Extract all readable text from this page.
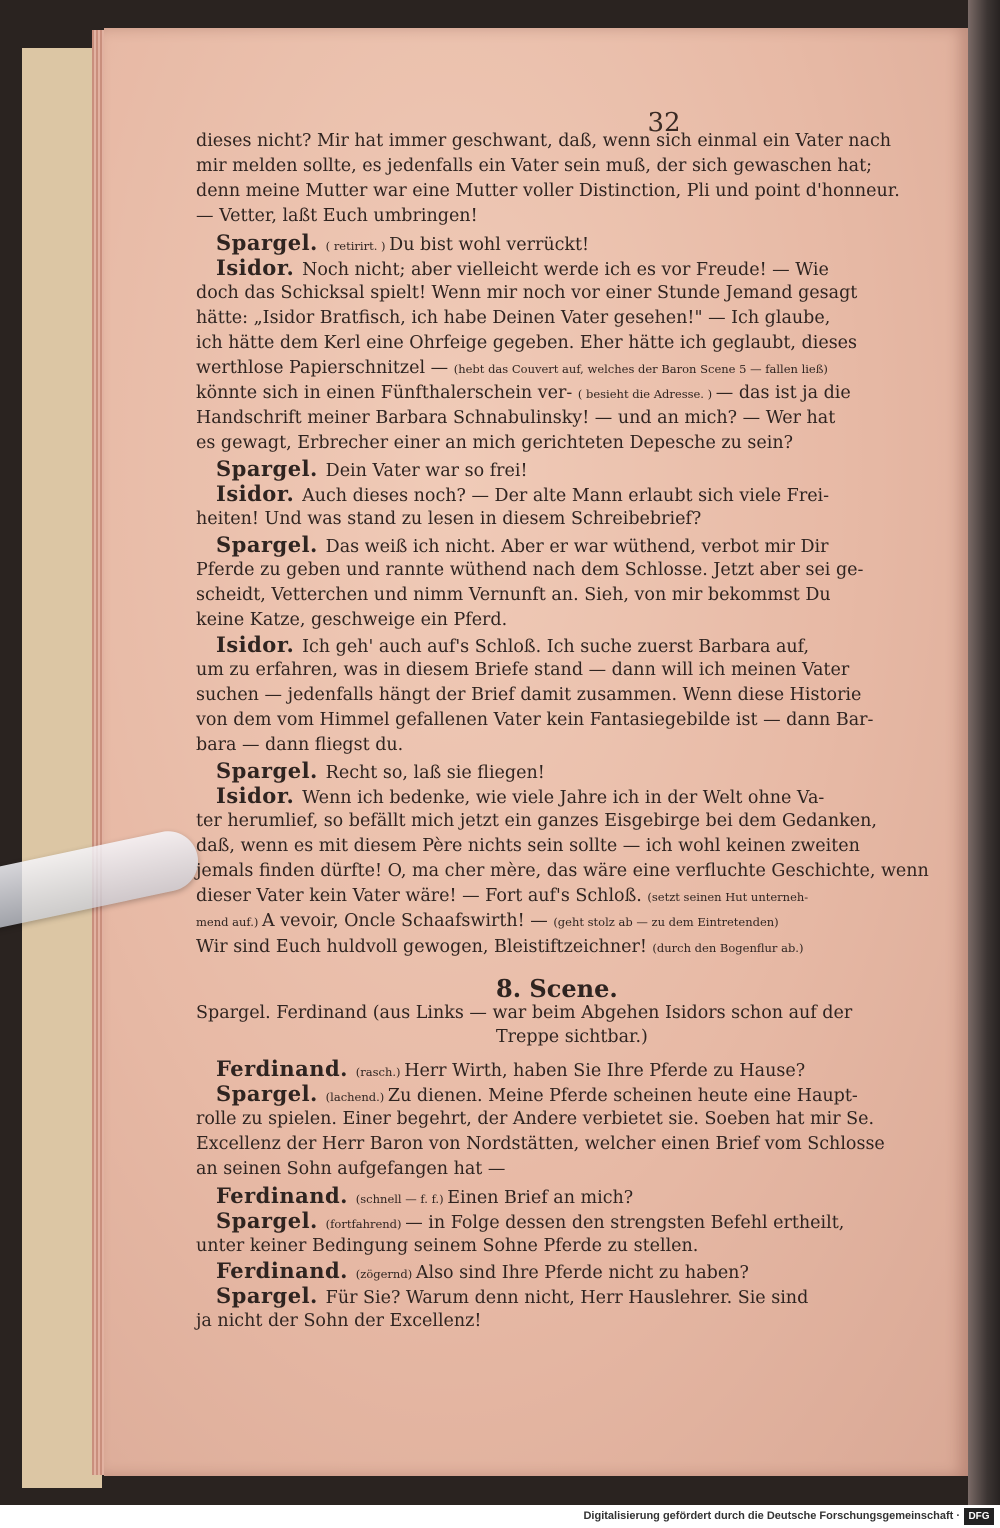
32
dieses nicht? Mir hat immer geschwant, daß, wenn sich einmal ein Vater nach
mir melden sollte, es jedenfalls ein Vater sein muß, der sich gewaschen hat;
denn meine Mutter war eine Mutter voller Distinction, Pli und point d'honneur.
— Vetter, laßt Euch umbringen!
Spargel. ( retirirt. ) Du bist wohl verrückt!
Isidor. Noch nicht; aber vielleicht werde ich es vor Freude! — Wie
doch das Schicksal spielt! Wenn mir noch vor einer Stunde Jemand gesagt
hätte: „Isidor Bratfisch, ich habe Deinen Vater gesehen!" — Ich glaube,
ich hätte dem Kerl eine Ohrfeige gegeben. Eher hätte ich geglaubt, dieses
werthlose Papierschnitzel — (hebt das Couvert auf, welches der Baron Scene 5 — fallen ließ)
könnte sich in einen Fünfthalerschein ver- ( besieht die Adresse. ) — das ist ja die
Handschrift meiner Barbara Schnabulinsky! — und an mich? — Wer hat
es gewagt, Erbrecher einer an mich gerichteten Depesche zu sein?
Spargel. Dein Vater war so frei!
Isidor. Auch dieses noch? — Der alte Mann erlaubt sich viele Frei-
heiten! Und was stand zu lesen in diesem Schreibebrief?
Spargel. Das weiß ich nicht. Aber er war wüthend, verbot mir Dir
Pferde zu geben und rannte wüthend nach dem Schlosse. Jetzt aber sei ge-
scheidt, Vetterchen und nimm Vernunft an. Sieh, von mir bekommst Du
keine Katze, geschweige ein Pferd.
Isidor. Ich geh' auch auf's Schloß. Ich suche zuerst Barbara auf,
um zu erfahren, was in diesem Briefe stand — dann will ich meinen Vater
suchen — jedenfalls hängt der Brief damit zusammen. Wenn diese Historie
von dem vom Himmel gefallenen Vater kein Fantasiegebilde ist — dann Bar-
bara — dann fliegst du.
Spargel. Recht so, laß sie fliegen!
Isidor. Wenn ich bedenke, wie viele Jahre ich in der Welt ohne Va-
ter herumlief, so befällt mich jetzt ein ganzes Eisgebirge bei dem Gedanken,
daß, wenn es mit diesem Père nichts sein sollte — ich wohl keinen zweiten
jemals finden dürfte! O, ma cher mère, das wäre eine verfluchte Geschichte, wenn
dieser Vater kein Vater wäre! — Fort auf's Schloß. (setzt seinen Hut unterneh-
mend auf.) A vevoir, Oncle Schaafswirth! — (geht stolz ab — zu dem Eintretenden)
Wir sind Euch huldvoll gewogen, Bleistiftzeichner! (durch den Bogenflur ab.)
8. Scene.
Spargel. Ferdinand (aus Links — war beim Abgehen Isidors schon auf der
Treppe sichtbar.)
Ferdinand. (rasch.) Herr Wirth, haben Sie Ihre Pferde zu Hause?
Spargel. (lachend.) Zu dienen. Meine Pferde scheinen heute eine Haupt-
rolle zu spielen. Einer begehrt, der Andere verbietet sie. Soeben hat mir Se.
Excellenz der Herr Baron von Nordstätten, welcher einen Brief vom Schlosse
an seinen Sohn aufgefangen hat —
Ferdinand. (schnell — f. f.) Einen Brief an mich?
Spargel. (fortfahrend) — in Folge dessen den strengsten Befehl ertheilt,
unter keiner Bedingung seinem Sohne Pferde zu stellen.
Ferdinand. (zögernd) Also sind Ihre Pferde nicht zu haben?
Spargel. Für Sie? Warum denn nicht, Herr Hauslehrer. Sie sind
ja nicht der Sohn der Excellenz!
Digitalisierung gefördert durch die Deutsche Forschungsgemeinschaft · DFG
